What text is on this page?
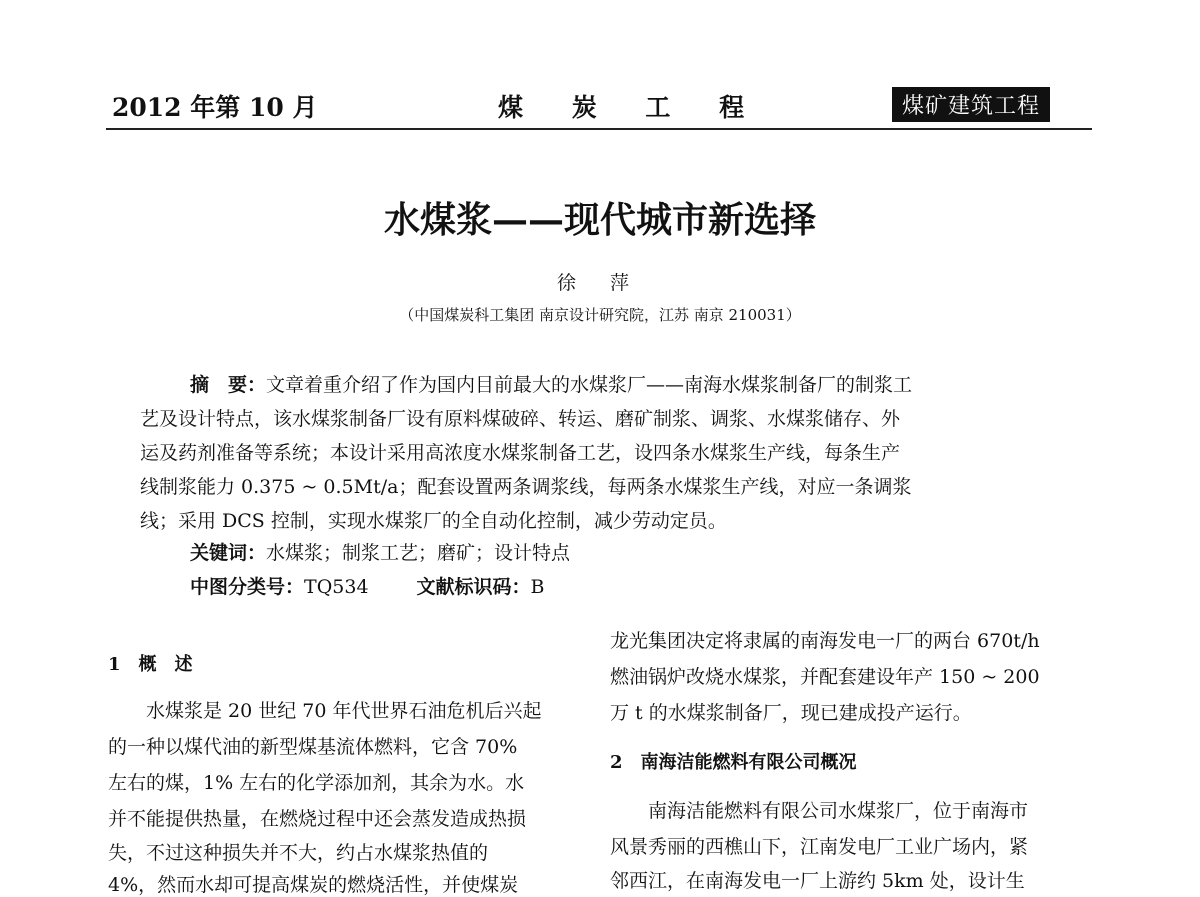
2012 年第 10 月	煤 炭 工 程	煤矿建筑工程
水煤浆——现代城市新选择
徐 萍
（中国煤炭科工集团 南京设计研究院，江苏 南京 210031）
摘　要：文章着重介绍了作为国内目前最大的水煤浆厂——南海水煤浆制备厂的制浆工
艺及设计特点，该水煤浆制备厂设有原料煤破碎、转运、磨矿制浆、调浆、水煤浆储存、外
运及药剂准备等系统；本设计采用高浓度水煤浆制备工艺，设四条水煤浆生产线，每条生产
线制浆能力 0.375 ~ 0.5Mt/a；配套设置两条调浆线，每两条水煤浆生产线，对应一条调浆
线；采用 DCS 控制，实现水煤浆厂的全自动化控制，减少劳动定员。
关键词：水煤浆；制浆工艺；磨矿；设计特点
中图分类号：TQ534	文献标识码：B
1　概　述
　　水煤浆是 20 世纪 70 年代世界石油危机后兴起
的一种以煤代油的新型煤基流体燃料，它含 70%
左右的煤，1% 左右的化学添加剂，其余为水。水
并不能提供热量，在燃烧过程中还会蒸发造成热损
失，不过这种损失并不大，约占水煤浆热值的
4%，然而水却可提高煤炭的燃烧活性，并使煤炭
龙光集团决定将隶属的南海发电一厂的两台 670t/h
燃油锅炉改烧水煤浆，并配套建设年产 150 ~ 200
万 t 的水煤浆制备厂，现已建成投产运行。
2　南海洁能燃料有限公司概况
　　南海洁能燃料有限公司水煤浆厂，位于南海市
风景秀丽的西樵山下，江南发电厂工业广场内，紧
邻西江，在南海发电一厂上游约 5km 处，设计生
